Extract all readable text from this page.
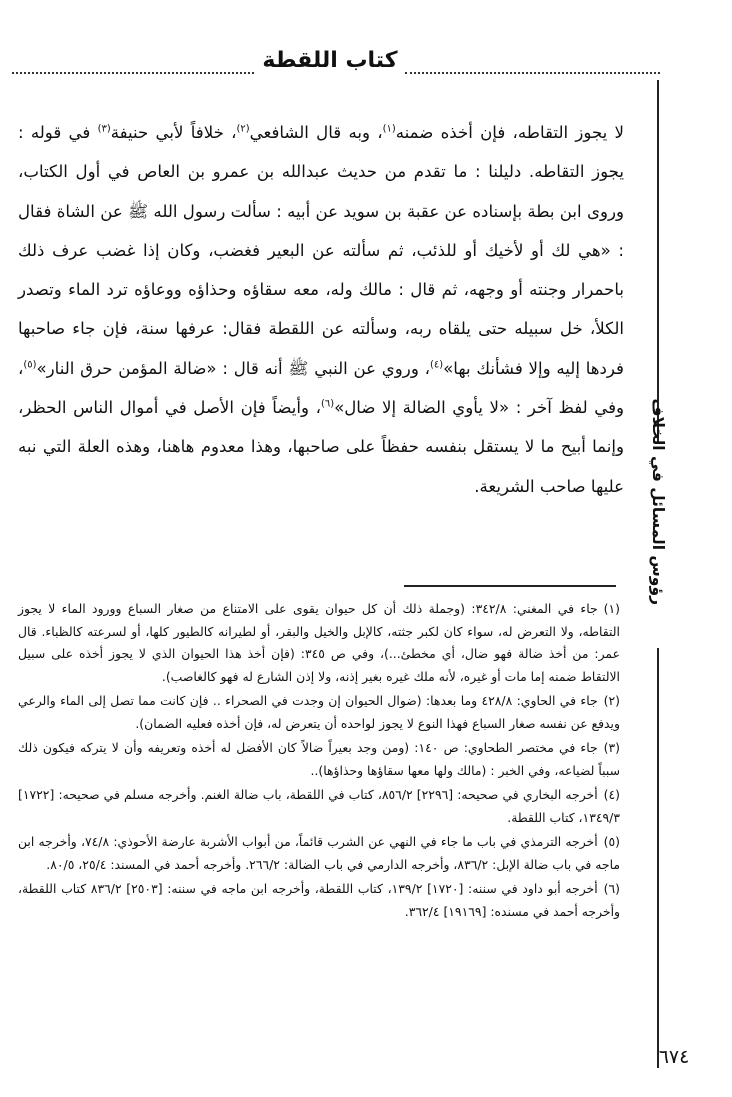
كتاب اللقطة
رؤوس المسائل في الخلاف

لا يجوز التقاطه، فإن أخذه ضمنه$^{(١)}$، وبه قال الشافعي$^{(٢)}$، خلافاً لأبي حنيفة$^{(٣)}$ في قوله : يجوز التقاطه. دليلنا : ما تقدم من حديث عبدالله بن عمرو بن العاص في أول الكتاب، وروى ابن بطة بإسناده عن عقبة بن سويد عن أبيه : سألت رسول الله ﷺ عن الشاة فقال : «هي لك أو لأخيك أو للذئب، ثم سألته عن البعير فغضب، وكان إذا غضب عرف ذلك باحمرار وجنته أو وجهه، ثم قال : مالك وله، معه سقاؤه وحذاؤه ووعاؤه ترد الماء وتصدر الكلأ، خل سبيله حتى يلقاه ربه، وسألته عن اللقطة فقال: عرفها سنة، فإن جاء صاحبها فردها إليه وإلا فشأنك بها»$^{(٤)}$، وروي عن النبي ﷺ أنه قال : «ضالة المؤمن حرق النار»$^{(٥)}$، وفي لفظ آخر : «لا يأوي الضالة إلا ضال»$^{(٦)}$، وأيضاً فإن الأصل في أموال الناس الحظر، وإنما أبيح ما لا يستقل بنفسه حفظاً على صاحبها، وهذا معدوم هاهنا، وهذه العلة التي نبه عليها صاحب الشريعة.

(١)جاء في المغني: ٣٤٢/٨: (وجملة ذلك أن كل حيوان يقوى على الامتناع من صغار السباع وورود الماء لا يجوز التقاطه، ولا التعرض له، سواء كان لكبر جثته، كالإبل والخيل والبقر، أو لطيرانه كالطيور كلها، أو لسرعته كالظباء. قال عمر: من أخذ ضالة فهو ضال، أي مخطئ...)، وفي ص ٣٤٥: (فإن أخذ هذا الحيوان الذي لا يجوز أخذه على سبيل الالتقاط ضمنه إما مات أو غيره، لأنه ملك غيره بغير إذنه، ولا إذن الشارع له فهو كالغاصب).

(٢)جاء في الحاوي: ٤٢٨/٨ وما بعدها: (ضوال الحيوان إن وجدت في الصحراء .. فإن كانت مما تصل إلى الماء والرعي ويدفع عن نفسه صغار السباع فهذا النوع لا يجوز لواحده أن يتعرض له، فإن أخذه فعليه الضمان).

(٣)جاء في مختصر الطحاوي: ص ١٤٠: (ومن وجد بعيراً ضالاً كان الأفضل له أخذه وتعريفه وأن لا يتركه فيكون ذلك سبباً لضياعه، وفي الخبر : (مالك ولها معها سقاؤها وحذاؤها)..

(٤)أخرجه البخاري في صحيحه: [٢٢٩٦] ٨٥٦/٢، كتاب في اللقطة، باب ضالة الغنم. وأخرجه مسلم في صحيحه: [١٧٢٢] ١٣٤٩/٣، كتاب اللقطة.

(٥)أخرجه الترمذي في باب ما جاء في النهي عن الشرب قائماً، من أبواب الأشربة عارضة الأحوذي: ٧٤/٨، وأخرجه ابن ماجه في باب ضالة الإبل: ٨٣٦/٢، وأخرجه الدارمي في باب الضالة: ٢٦٦/٢. وأخرجه أحمد في المسند: ٢٥/٤، ٨٠/٥.

(٦)أخرجه أبو داود في سننه: [١٧٢٠] ١٣٩/٢، كتاب اللقطة، وأخرجه ابن ماجه في سننه: [٢٥٠٣] ٨٣٦/٢ كتاب اللقطة، وأخرجه أحمد في مسنده: [١٩١٦٩] ٣٦٢/٤.

٦٧٤
